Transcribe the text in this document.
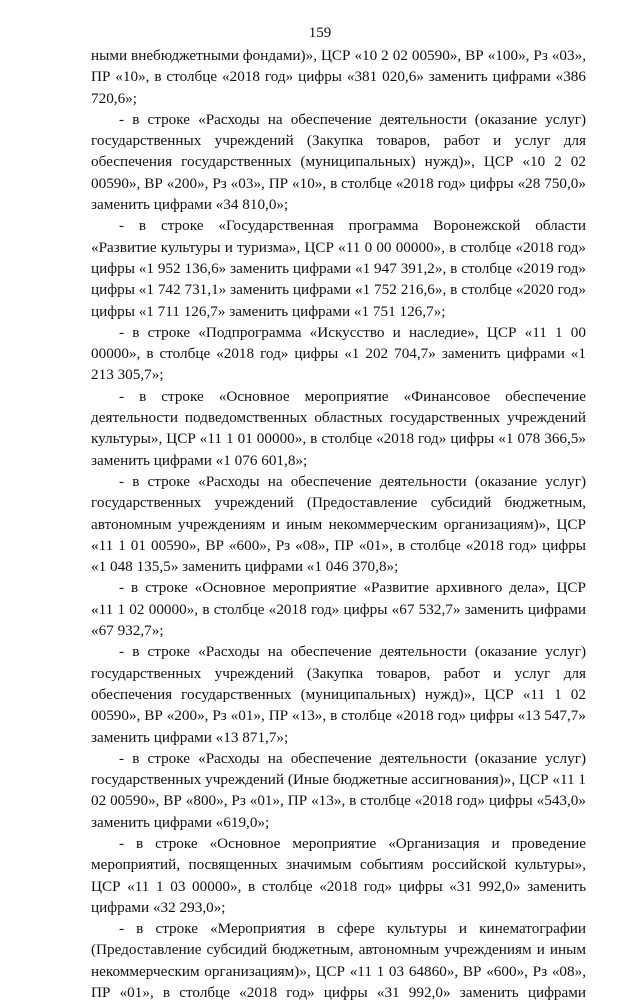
159

ными внебюджетными фондами)», ЦСР «10 2 02 00590», ВР «100», Рз «03», ПР «10», в столбце «2018 год» цифры «381 020,6» заменить цифрами «386 720,6»;

- в строке «Расходы на обеспечение деятельности (оказание услуг) государственных учреждений (Закупка товаров, работ и услуг для обеспечения государственных (муниципальных) нужд)», ЦСР «10 2 02 00590», ВР «200», Рз «03», ПР «10», в столбце «2018 год» цифры «28 750,0» заменить цифрами «34 810,0»;

- в строке «Государственная программа Воронежской области «Развитие культуры и туризма», ЦСР «11 0 00 00000», в столбце «2018 год» цифры «1 952 136,6» заменить цифрами «1 947 391,2», в столбце «2019 год» цифры «1 742 731,1» заменить цифрами «1 752 216,6», в столбце «2020 год» цифры «1 711 126,7» заменить цифрами «1 751 126,7»;

- в строке «Подпрограмма «Искусство и наследие», ЦСР «11 1 00 00000», в столбце «2018 год» цифры «1 202 704,7» заменить цифрами «1 213 305,7»;

- в строке «Основное мероприятие «Финансовое обеспечение деятельности подведомственных областных государственных учреждений культуры», ЦСР «11 1 01 00000», в столбце «2018 год» цифры «1 078 366,5» заменить цифрами «1 076 601,8»;

- в строке «Расходы на обеспечение деятельности (оказание услуг) государственных учреждений (Предоставление субсидий бюджетным, автономным учреждениям и иным некоммерческим организациям)», ЦСР «11 1 01 00590», ВР «600», Рз «08», ПР «01», в столбце «2018 год» цифры «1 048 135,5» заменить цифрами «1 046 370,8»;

- в строке «Основное мероприятие «Развитие архивного дела», ЦСР «11 1 02 00000», в столбце «2018 год» цифры «67 532,7» заменить цифрами «67 932,7»;

- в строке «Расходы на обеспечение деятельности (оказание услуг) государственных учреждений (Закупка товаров, работ и услуг для обеспечения государственных (муниципальных) нужд)», ЦСР «11 1 02 00590», ВР «200», Рз «01», ПР «13», в столбце «2018 год» цифры «13 547,7» заменить цифрами «13 871,7»;

- в строке «Расходы на обеспечение деятельности (оказание услуг) государственных учреждений (Иные бюджетные ассигнования)», ЦСР «11 1 02 00590», ВР «800», Рз «01», ПР «13», в столбце «2018 год» цифры «543,0» заменить цифрами «619,0»;

- в строке «Основное мероприятие «Организация и проведение мероприятий, посвященных значимым событиям российской культуры», ЦСР «11 1 03 00000», в столбце «2018 год» цифры «31 992,0» заменить цифрами «32 293,0»;

- в строке «Мероприятия в сфере культуры и кинематографии (Предоставление субсидий бюджетным, автономным учреждениям и иным некоммерческим организациям)», ЦСР «11 1 03 64860», ВР «600», Рз «08», ПР «01», в столбце «2018 год» цифры «31 992,0» заменить цифрами
